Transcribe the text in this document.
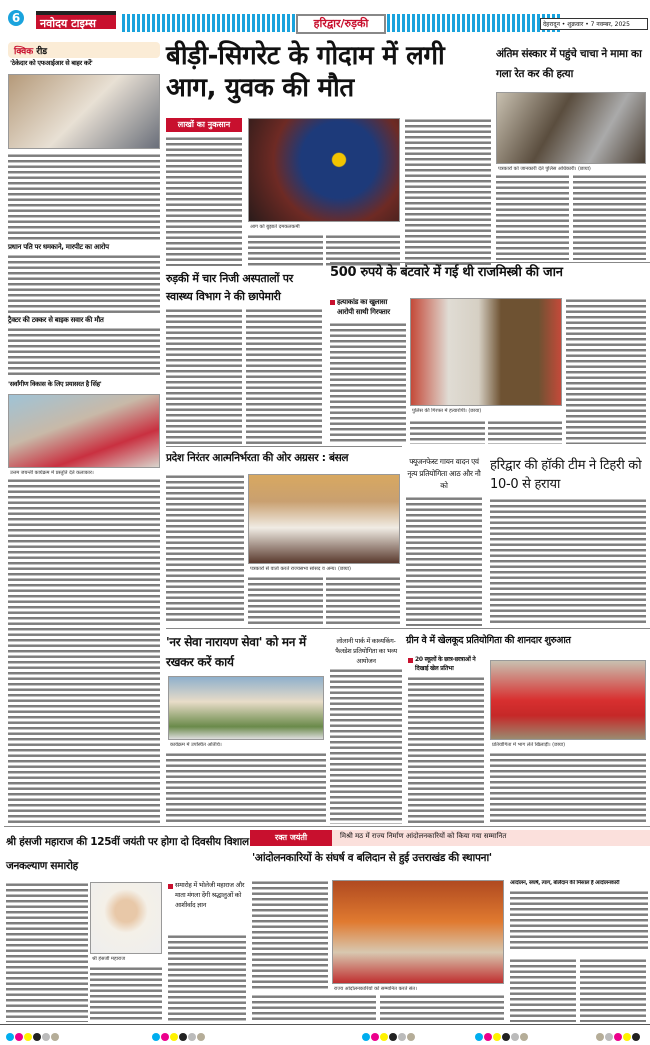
6	नवोदय टाइम्स	हरिद्वार/रुड़की	देहरादून • शुक्रवार • 7 नवम्बर, 2025
क्विक रीड
'ठेकेदार को एफआईआर से बाहर करें'
प्रधान पति पर धमकाने, मारपीट का आरोप
ट्रैक्टर की टक्कर से बाइक सवार की मौत
'सर्वांगीण विकास के लिए प्रयासरत है सिंह'
उत्तम जयन्ती कार्यक्रम में प्रस्तुति देते कलाकार।
बीड़ी-सिगरेट के गोदाम में लगी आग, युवक की मौत
लाखों का नुकसान
आग को बुझाते दमकलकर्मी
अंतिम संस्कार में पहुंचे चाचा ने मामा का गला रेत कर की हत्या
पत्रकारों को जानकारी देते पुलिस अधिकारी। (छाया)
रुड़की में चार निजी अस्पतालों पर स्वास्थ्य विभाग ने की छापेमारी
500 रुपये के बंटवारे में गई थी राजमिस्त्री की जान
हत्याकांड का खुलासा आरोपी साथी गिरफ्तार
पुलिस की गिरफ्त में हत्यारोपी। (छाया)
प्रदेश निरंतर आत्मनिर्भरता की ओर अग्रसर : बंसल
पत्रकारों से वार्ता करते राज्यसभा सांसद व अन्य। (छाया)
फ्यूजनफेस्ट गायन वादन एवं नृत्य प्रतियोगिता आठ और नौ को
हरिद्वार की हॉकी टीम ने टिहरी को 10-0 से हराया
'नर सेवा नारायण सेवा' को मन में रखकर करें कार्य
कार्यक्रम में उपस्थित अतिथि।
लोलानी पार्क में काव्यकिंग-फैलडेश प्रतियोगिता का भव्य आयोजन
ग्रीन वे में खेलकूद प्रतियोगिता की शानदार शुरुआत
20 स्कूलों के छात्र-छात्राओं ने दिखाई खेल प्रतिभा
प्रतियोगिता में भाग लेते खिलाड़ी। (छाया)
श्री हंसजी महाराज की 125वीं जयंती पर होगा दो दिवसीय विशाल जनकल्याण समारोह
श्री हंसजी महाराज
समारोह में भोलेजी महाराज और माता मंगला देंगी श्रद्धालुओं को आशीर्वाद ज्ञान
रक्त जयंती	मिश्री मठ में राज्य निर्माण आंदोलनकारियों को किया गया सम्मानित
'आंदोलनकारियों के संघर्ष व बलिदान से हुई उत्तराखंड की स्थापना'
राज्य आंदोलनकारियों को सम्मानित करते संत।
आंदोलन, संघर्ष, त्याग, बलिदान की मिसाल हैं आंदोलनकारी
